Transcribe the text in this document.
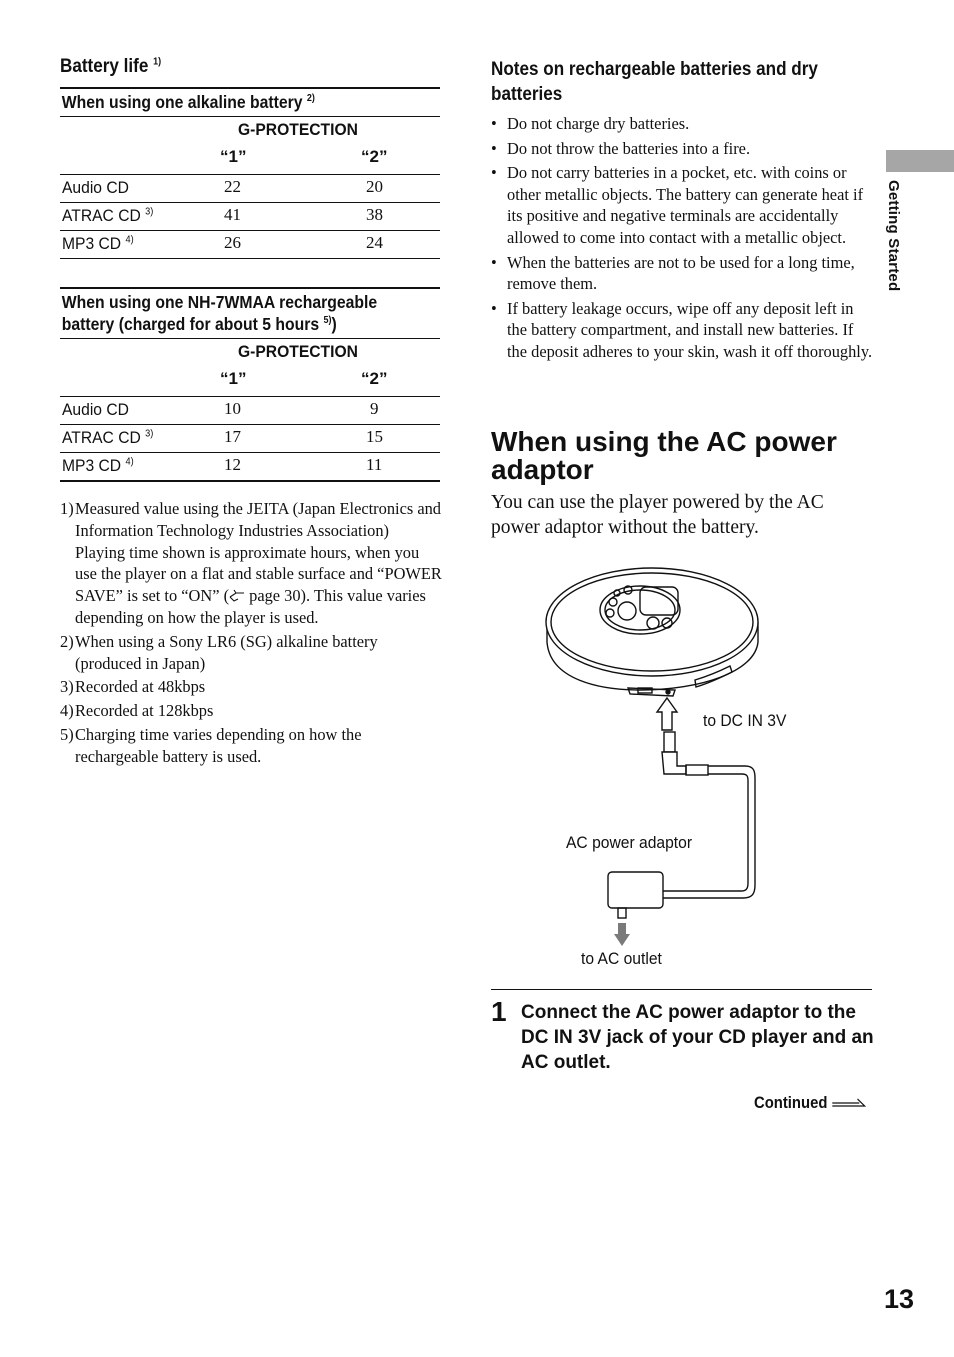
Battery life $^{1)}$
When using one alkaline battery $^{2)}$
G-PROTECTION
“1”	“2”
Audio CD	22	20
ATRAC CD $^{3)}$	41	38
MP3 CD $^{4)}$	26	24
When using one NH-7WMAA rechargeable
battery (charged for about 5 hours $^{5)}$)
G-PROTECTION
“1”	“2”
Audio CD	10	9
ATRAC CD $^{3)}$	17	15
MP3 CD $^{4)}$	12	11
1) Measured value using the JEITA (Japan Electronics and Information Technology Industries Association)
Playing time shown is approximate hours, when you use the player on a flat and stable surface and “POWER SAVE” is set to “ON” ( page 30). This value varies depending on how the player is used.
2) When using a Sony LR6 (SG) alkaline battery (produced in Japan)
3) Recorded at 48kbps
4) Recorded at 128kbps
5) Charging time varies depending on how the rechargeable battery is used.
Notes on rechargeable batteries and dry batteries
• Do not charge dry batteries.
• Do not throw the batteries into a fire.
• Do not carry batteries in a pocket, etc. with coins or other metallic objects. The battery can generate heat if its positive and negative terminals are accidentally allowed to come into contact with a metallic object.
• When the batteries are not to be used for a long time, remove them.
• If battery leakage occurs, wipe off any deposit left in the battery compartment, and install new batteries. If the deposit adheres to your skin, wash it off thoroughly.
When using the AC power adaptor
You can use the player powered by the AC power adaptor without the battery.
to DC IN 3V
AC power adaptor
to AC outlet
1 Connect the AC power adaptor to the DC IN 3V jack of your CD player and an AC outlet.
Continued
Getting Started
13
